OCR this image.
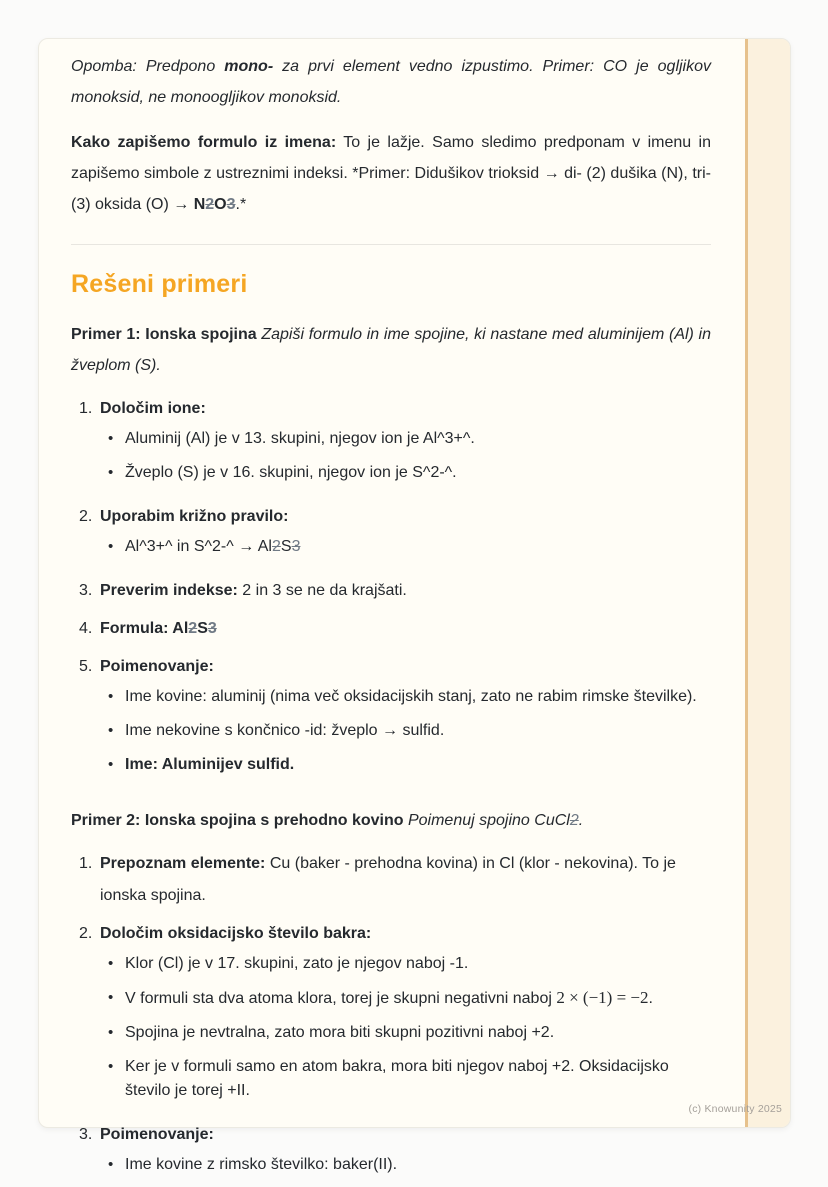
Opomba: Predpono mono- za prvi element vedno izpustimo. Primer: CO je ogljikov monoksid, ne monoogljikov monoksid.

Kako zapišemo formulo iz imena: To je lažje. Samo sledimo predponam v imenu in zapišemo simbole z ustreznimi indeksi. *Primer: Didušikov trioksid → di- (2) dušika (N), tri- (3) oksida (O) → N2O3.*

Rešeni primeri

Primer 1: Ionska spojina Zapiši formulo in ime spojine, ki nastane med aluminijem (Al) in žveplom (S).

1. Določim ione:
• Aluminij (Al) je v 13. skupini, njegov ion je Al^3+^.
• Žveplo (S) je v 16. skupini, njegov ion je S^2-^.
2. Uporabim križno pravilo:
• Al^3+^ in S^2-^ → Al2S3
3. Preverim indekse: 2 in 3 se ne da krajšati.
4. Formula: Al2S3
5. Poimenovanje:
• Ime kovine: aluminij (nima več oksidacijskih stanj, zato ne rabim rimske številke).
• Ime nekovine s končnico -id: žveplo → sulfid.
• Ime: Aluminijev sulfid.

Primer 2: Ionska spojina s prehodno kovino Poimenuj spojino CuCl2.

1. Prepoznam elemente: Cu (baker - prehodna kovina) in Cl (klor - nekovina). To je ionska spojina.
2. Določim oksidacijsko število bakra:
• Klor (Cl) je v 17. skupini, zato je njegov naboj -1.
• V formuli sta dva atoma klora, torej je skupni negativni naboj 2 × (−1) = −2.
• Spojina je nevtralna, zato mora biti skupni pozitivni naboj +2.
• Ker je v formuli samo en atom bakra, mora biti njegov naboj +2. Oksidacijsko število je torej +II.
3. Poimenovanje:
• Ime kovine z rimsko številko: baker(II).
(c) Knowunity 2025
